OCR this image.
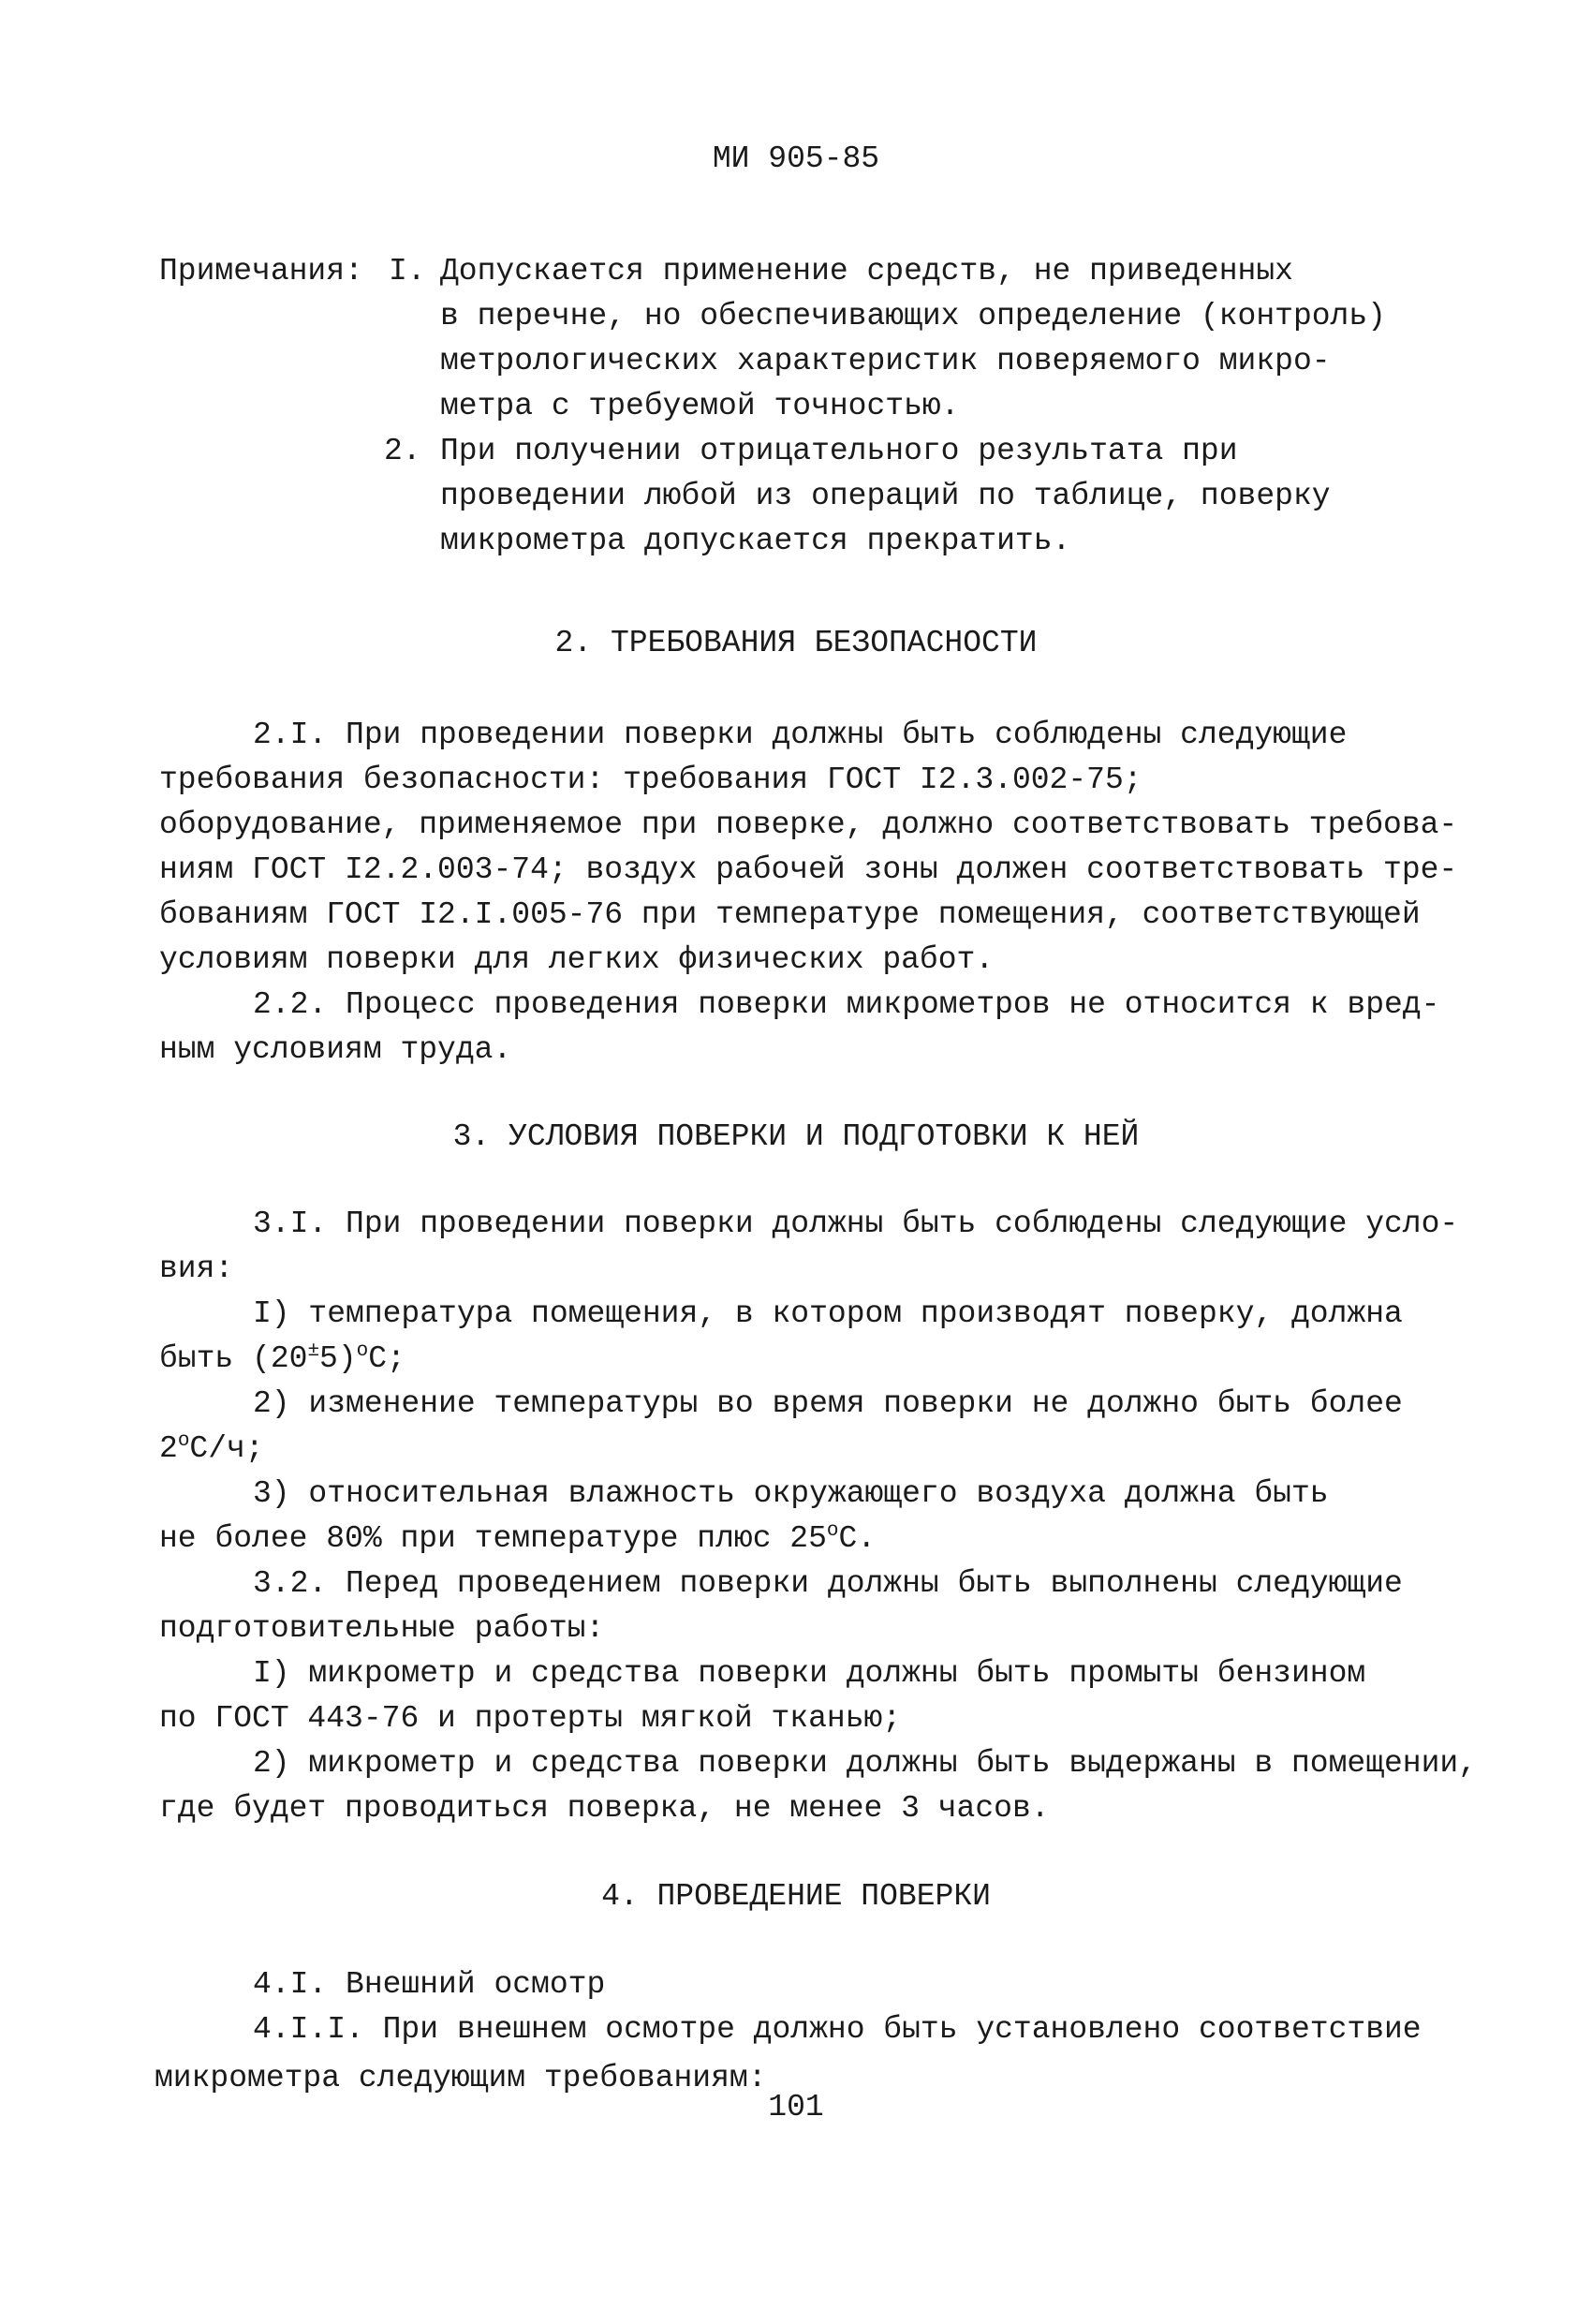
МИ 905-85
Примечания: I. Допускается применение средств, не приведенных
в перечне, но обеспечивающих определение (контроль)
метрологических характеристик поверяемого микро-
метра с требуемой точностью.
2. При получении отрицательного результата при
проведении любой из операций по таблице, поверку
микрометра допускается прекратить.
2. ТРЕБОВАНИЯ БЕЗОПАСНОСТИ
2.I. При проведении поверки должны быть соблюдены следующие
требования безопасности: требования ГОСТ I2.3.002-75;
оборудование, применяемое при поверке, должно соответствовать требова-
ниям ГОСТ I2.2.003-74; воздух рабочей зоны должен соответствовать тре-
бованиям ГОСТ I2.I.005-76 при температуре помещения, соответствующей
условиям поверки для легких физических работ.
2.2. Процесс проведения поверки микрометров не относится к вред-
ным условиям труда.
3. УСЛОВИЯ ПОВЕРКИ И ПОДГОТОВКИ К НЕЙ
3.I. При проведении поверки должны быть соблюдены следующие усло-
вия:
I) температура помещения, в котором производят поверку, должна
быть $(20^\pm 5)^оС$;
2) изменение температуры во время поверки не должно быть более
$2^оС/ч$;
3) относительная влажность окружающего воздуха должна быть
не более 80% при температуре плюс $25^оС$.
3.2. Перед проведением поверки должны быть выполнены следующие
подготовительные работы:
I) микрометр и средства поверки должны быть промыты бензином
по ГОСТ 443-76 и протерты мягкой тканью;
2) микрометр и средства поверки должны быть выдержаны в помещении,
где будет проводиться поверка, не менее 3 часов.
4. ПРОВЕДЕНИЕ ПОВЕРКИ
4.I. Внешний осмотр
4.I.I. При внешнем осмотре должно быть установлено соответствие
микрометра следующим требованиям:
101
